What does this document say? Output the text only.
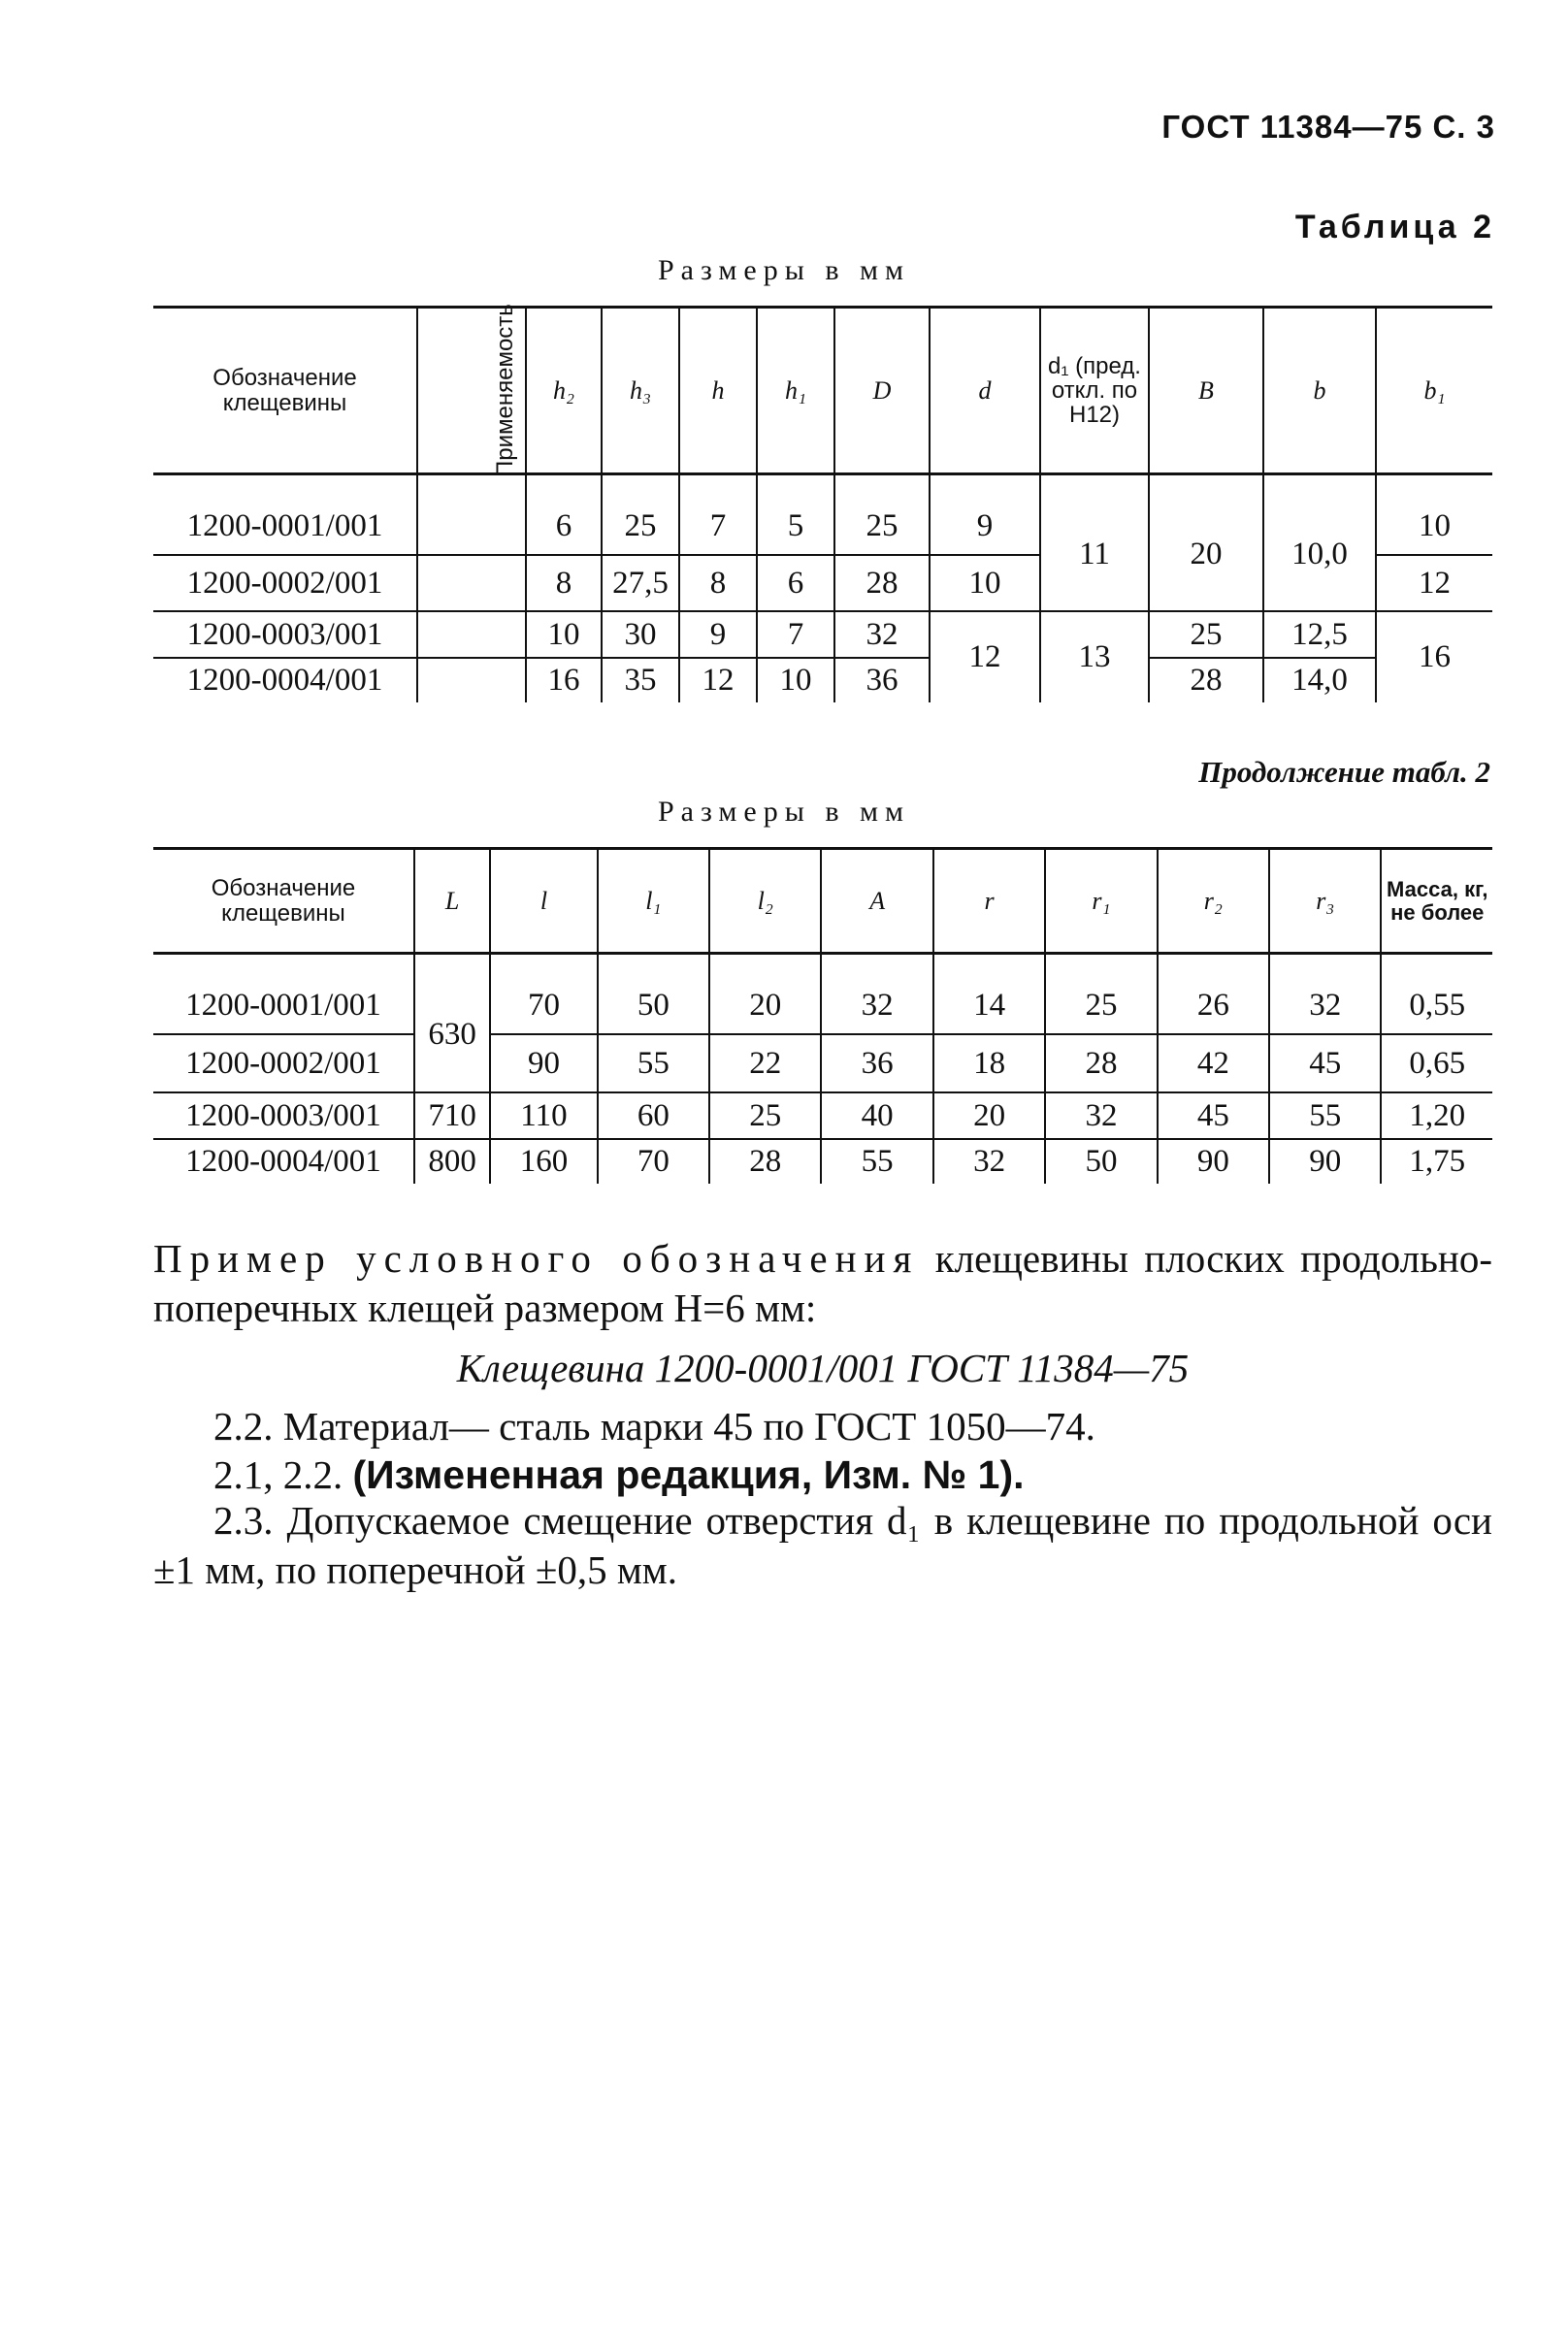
ГОСТ 11384—75 С. 3
Таблица 2
Размеры в мм
Обозначение клещевины	Применяемость	h₂	h₃	h	h₁	D	d	d₁ (пред. откл. по H12)	B	b	b₁

1200-0001/001		6	25	7	5	25	9	11	20	10,0	10
1200-0002/001		8	27,5	8	6	28	10				12
1200-0003/001		10	30	9	7	32	12	13	25	12,5	16
1200-0004/001		16	35	12	10	36			28	14,0	
Продолжение табл. 2
Размеры в мм
Обозначение клещевины	L	l	l₁	l₂	A	r	r₁	r₂	r₃	Масса, кг, не более

1200-0001/001	630	70	50	20	32	14	25	26	32	0,55
1200-0002/001		90	55	22	36	18	28	42	45	0,65
1200-0003/001	710	110	60	25	40	20	32	45	55	1,20
1200-0004/001	800	160	70	28	55	32	50	90	90	1,75
Пример условного обозначения клещевины плоских продольно-поперечных клещей размером H=6 мм:
Клещевина 1200-0001/001 ГОСТ 11384—75
2.2. Материал— сталь марки 45 по ГОСТ 1050—74.
2.1, 2.2. (Измененная редакция, Изм. № 1).
2.3. Допускаемое смещение отверстия d₁ в клещевине по продольной оси ±1 мм, по поперечной ±0,5 мм.
